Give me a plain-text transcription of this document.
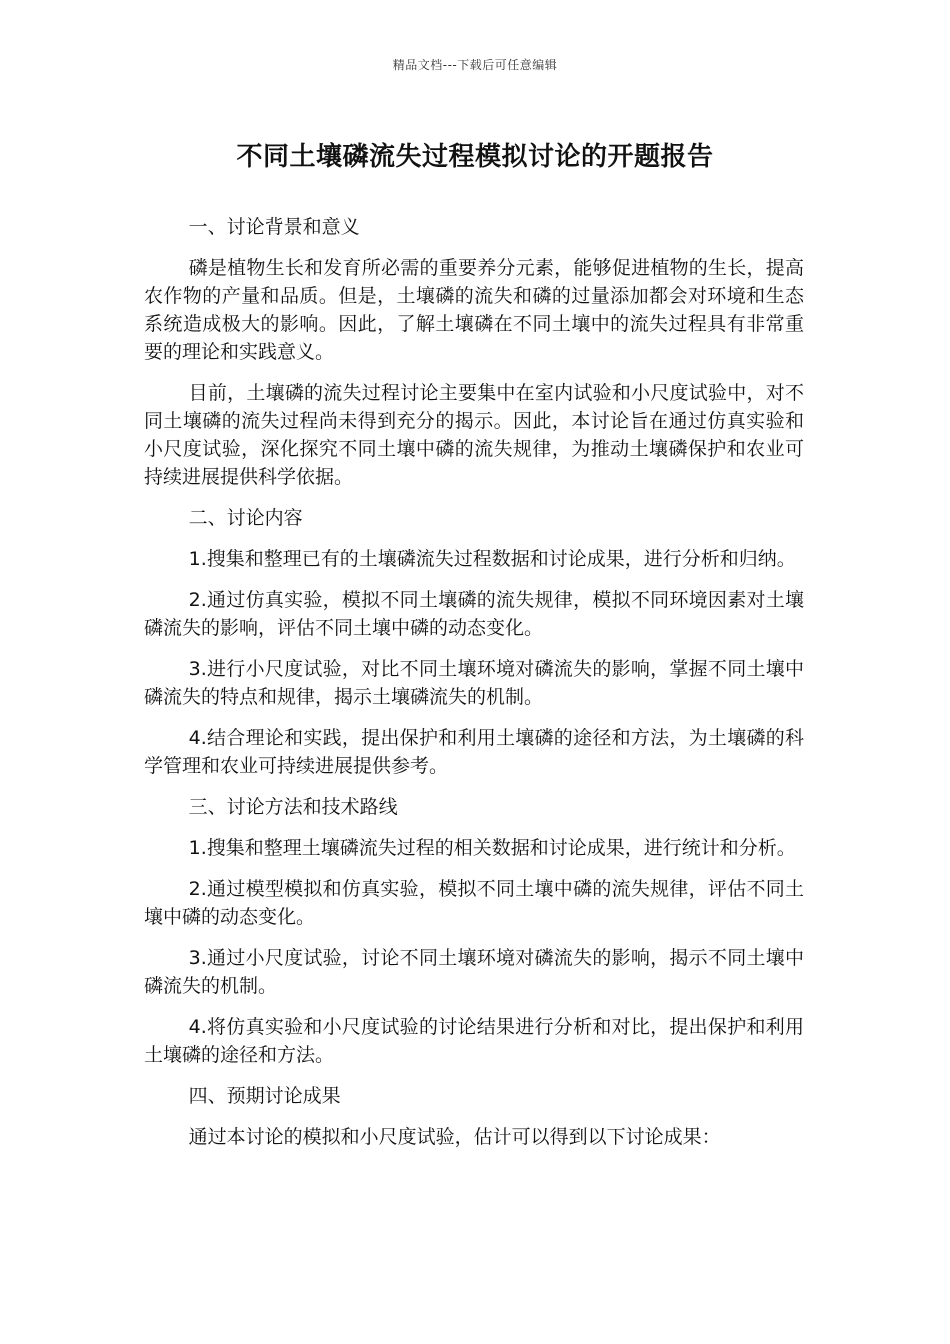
精品文档---下载后可任意编辑
不同土壤磷流失过程模拟讨论的开题报告

一、讨论背景和意义

磷是植物生长和发育所必需的重要养分元素，能够促进植物的生长，提高农作物的产量和品质。但是，土壤磷的流失和磷的过量添加都会对环境和生态系统造成极大的影响。因此，了解土壤磷在不同土壤中的流失过程具有非常重要的理论和实践意义。

目前，土壤磷的流失过程讨论主要集中在室内试验和小尺度试验中，对不同土壤磷的流失过程尚未得到充分的揭示。因此，本讨论旨在通过仿真实验和小尺度试验，深化探究不同土壤中磷的流失规律，为推动土壤磷保护和农业可持续进展提供科学依据。

二、讨论内容

1.搜集和整理已有的土壤磷流失过程数据和讨论成果，进行分析和归纳。

2.通过仿真实验，模拟不同土壤磷的流失规律，模拟不同环境因素对土壤磷流失的影响，评估不同土壤中磷的动态变化。

3.进行小尺度试验，对比不同土壤环境对磷流失的影响，掌握不同土壤中磷流失的特点和规律，揭示土壤磷流失的机制。

4.结合理论和实践，提出保护和利用土壤磷的途径和方法，为土壤磷的科学管理和农业可持续进展提供参考。

三、讨论方法和技术路线

1.搜集和整理土壤磷流失过程的相关数据和讨论成果，进行统计和分析。

2.通过模型模拟和仿真实验，模拟不同土壤中磷的流失规律，评估不同土壤中磷的动态变化。

3.通过小尺度试验，讨论不同土壤环境对磷流失的影响，揭示不同土壤中磷流失的机制。

4.将仿真实验和小尺度试验的讨论结果进行分析和对比，提出保护和利用土壤磷的途径和方法。

四、预期讨论成果

通过本讨论的模拟和小尺度试验，估计可以得到以下讨论成果：
